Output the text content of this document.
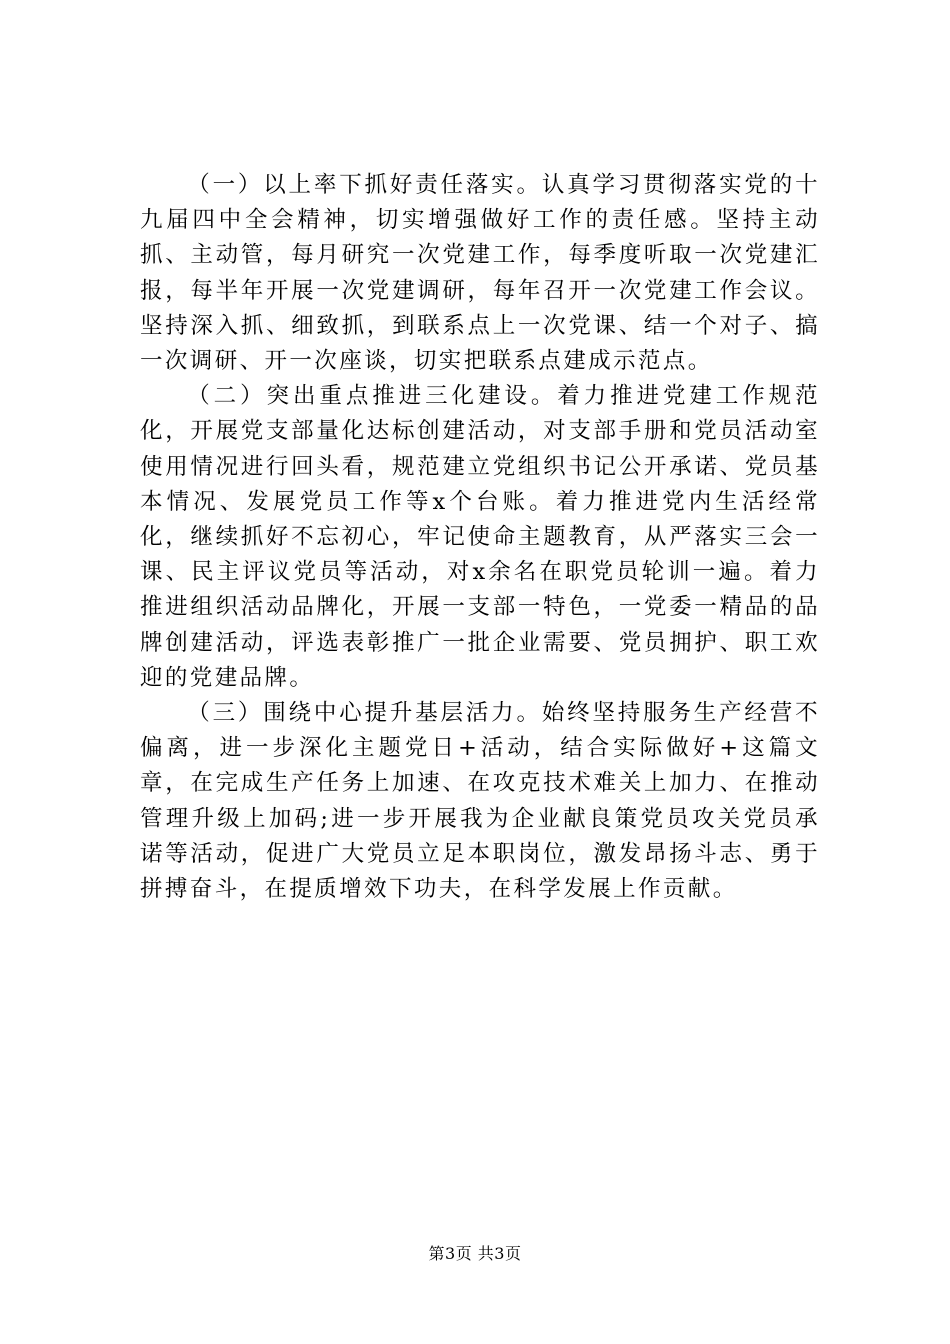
（一）以上率下抓好责任落实。认真学习贯彻落实党的十九届四中全会精神，切实增强做好工作的责任感。坚持主动抓、主动管，每月研究一次党建工作，每季度听取一次党建汇报，每半年开展一次党建调研，每年召开一次党建工作会议。坚持深入抓、细致抓，到联系点上一次党课、结一个对子、搞一次调研、开一次座谈，切实把联系点建成示范点。

（二）突出重点推进三化建设。着力推进党建工作规范化，开展党支部量化达标创建活动，对支部手册和党员活动室使用情况进行回头看，规范建立党组织书记公开承诺、党员基本情况、发展党员工作等x个台账。着力推进党内生活经常化，继续抓好不忘初心，牢记使命主题教育，从严落实三会一课、民主评议党员等活动，对x余名在职党员轮训一遍。着力推进组织活动品牌化，开展一支部一特色，一党委一精品的品牌创建活动，评选表彰推广一批企业需要、党员拥护、职工欢迎的党建品牌。

（三）围绕中心提升基层活力。始终坚持服务生产经营不偏离，进一步深化主题党日+活动，结合实际做好+这篇文章，在完成生产任务上加速、在攻克技术难关上加力、在推动管理升级上加码;进一步开展我为企业献良策党员攻关党员承诺等活动，促进广大党员立足本职岗位，激发昂扬斗志、勇于拼搏奋斗，在提质增效下功夫，在科学发展上作贡献。

第3页 共3页
